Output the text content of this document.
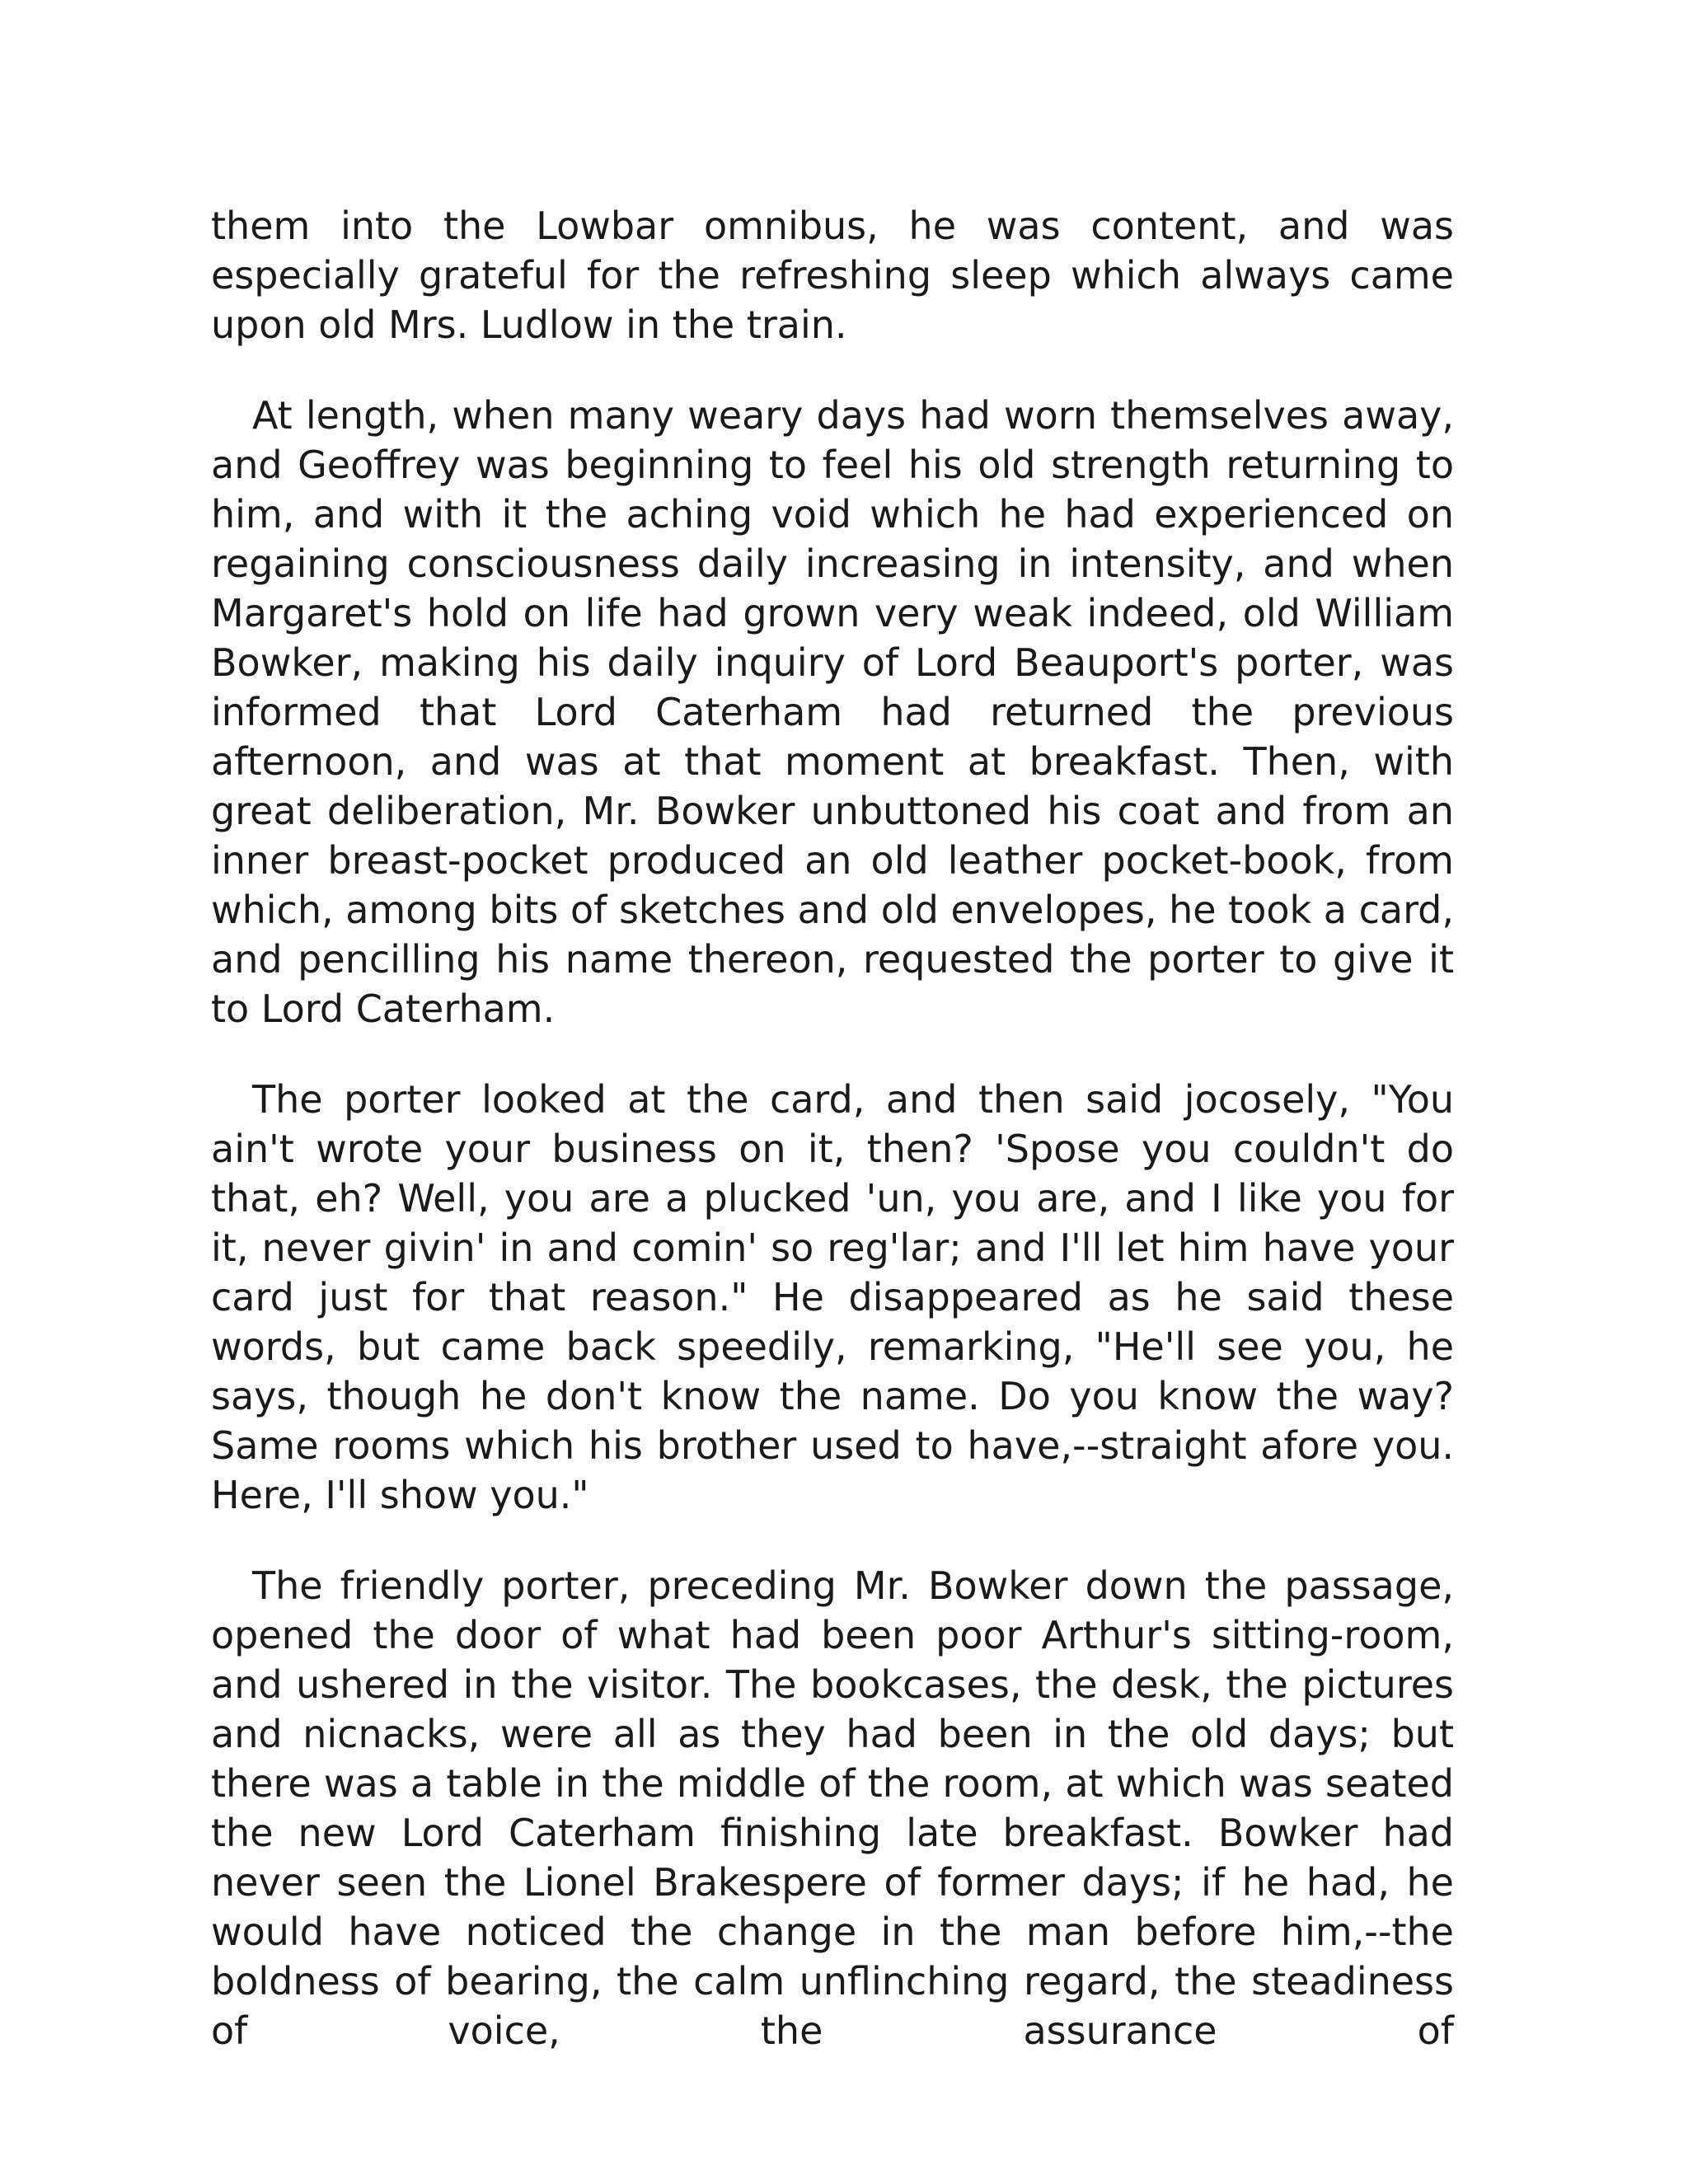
them into the Lowbar omnibus, he was content, and was especially grateful for the refreshing sleep which always came upon old Mrs. Ludlow in the train.

At length, when many weary days had worn themselves away, and Geoffrey was beginning to feel his old strength returning to him, and with it the aching void which he had experienced on regaining consciousness daily increasing in intensity, and when Margaret's hold on life had grown very weak indeed, old William Bowker, making his daily inquiry of Lord Beauport's porter, was informed that Lord Caterham had returned the previous afternoon, and was at that moment at breakfast. Then, with great deliberation, Mr. Bowker unbuttoned his coat and from an inner breast-pocket produced an old leather pocket-book, from which, among bits of sketches and old envelopes, he took a card, and pencilling his name thereon, requested the porter to give it to Lord Caterham.

The porter looked at the card, and then said jocosely, "You ain't wrote your business on it, then? 'Spose you couldn't do that, eh? Well, you are a plucked 'un, you are, and I like you for it, never givin' in and comin' so reg'lar; and I'll let him have your card just for that reason." He disappeared as he said these words, but came back speedily, remarking, "He'll see you, he says, though he don't know the name. Do you know the way? Same rooms which his brother used to have,--straight afore you. Here, I'll show you."

The friendly porter, preceding Mr. Bowker down the passage, opened the door of what had been poor Arthur's sitting-room, and ushered in the visitor. The bookcases, the desk, the pictures and nicnacks, were all as they had been in the old days; but there was a table in the middle of the room, at which was seated the new Lord Caterham finishing late breakfast. Bowker had never seen the Lionel Brakespere of former days; if he had, he would have noticed the change in the man before him,--the boldness of bearing, the calm unflinching regard, the steadiness of voice, the assurance of
